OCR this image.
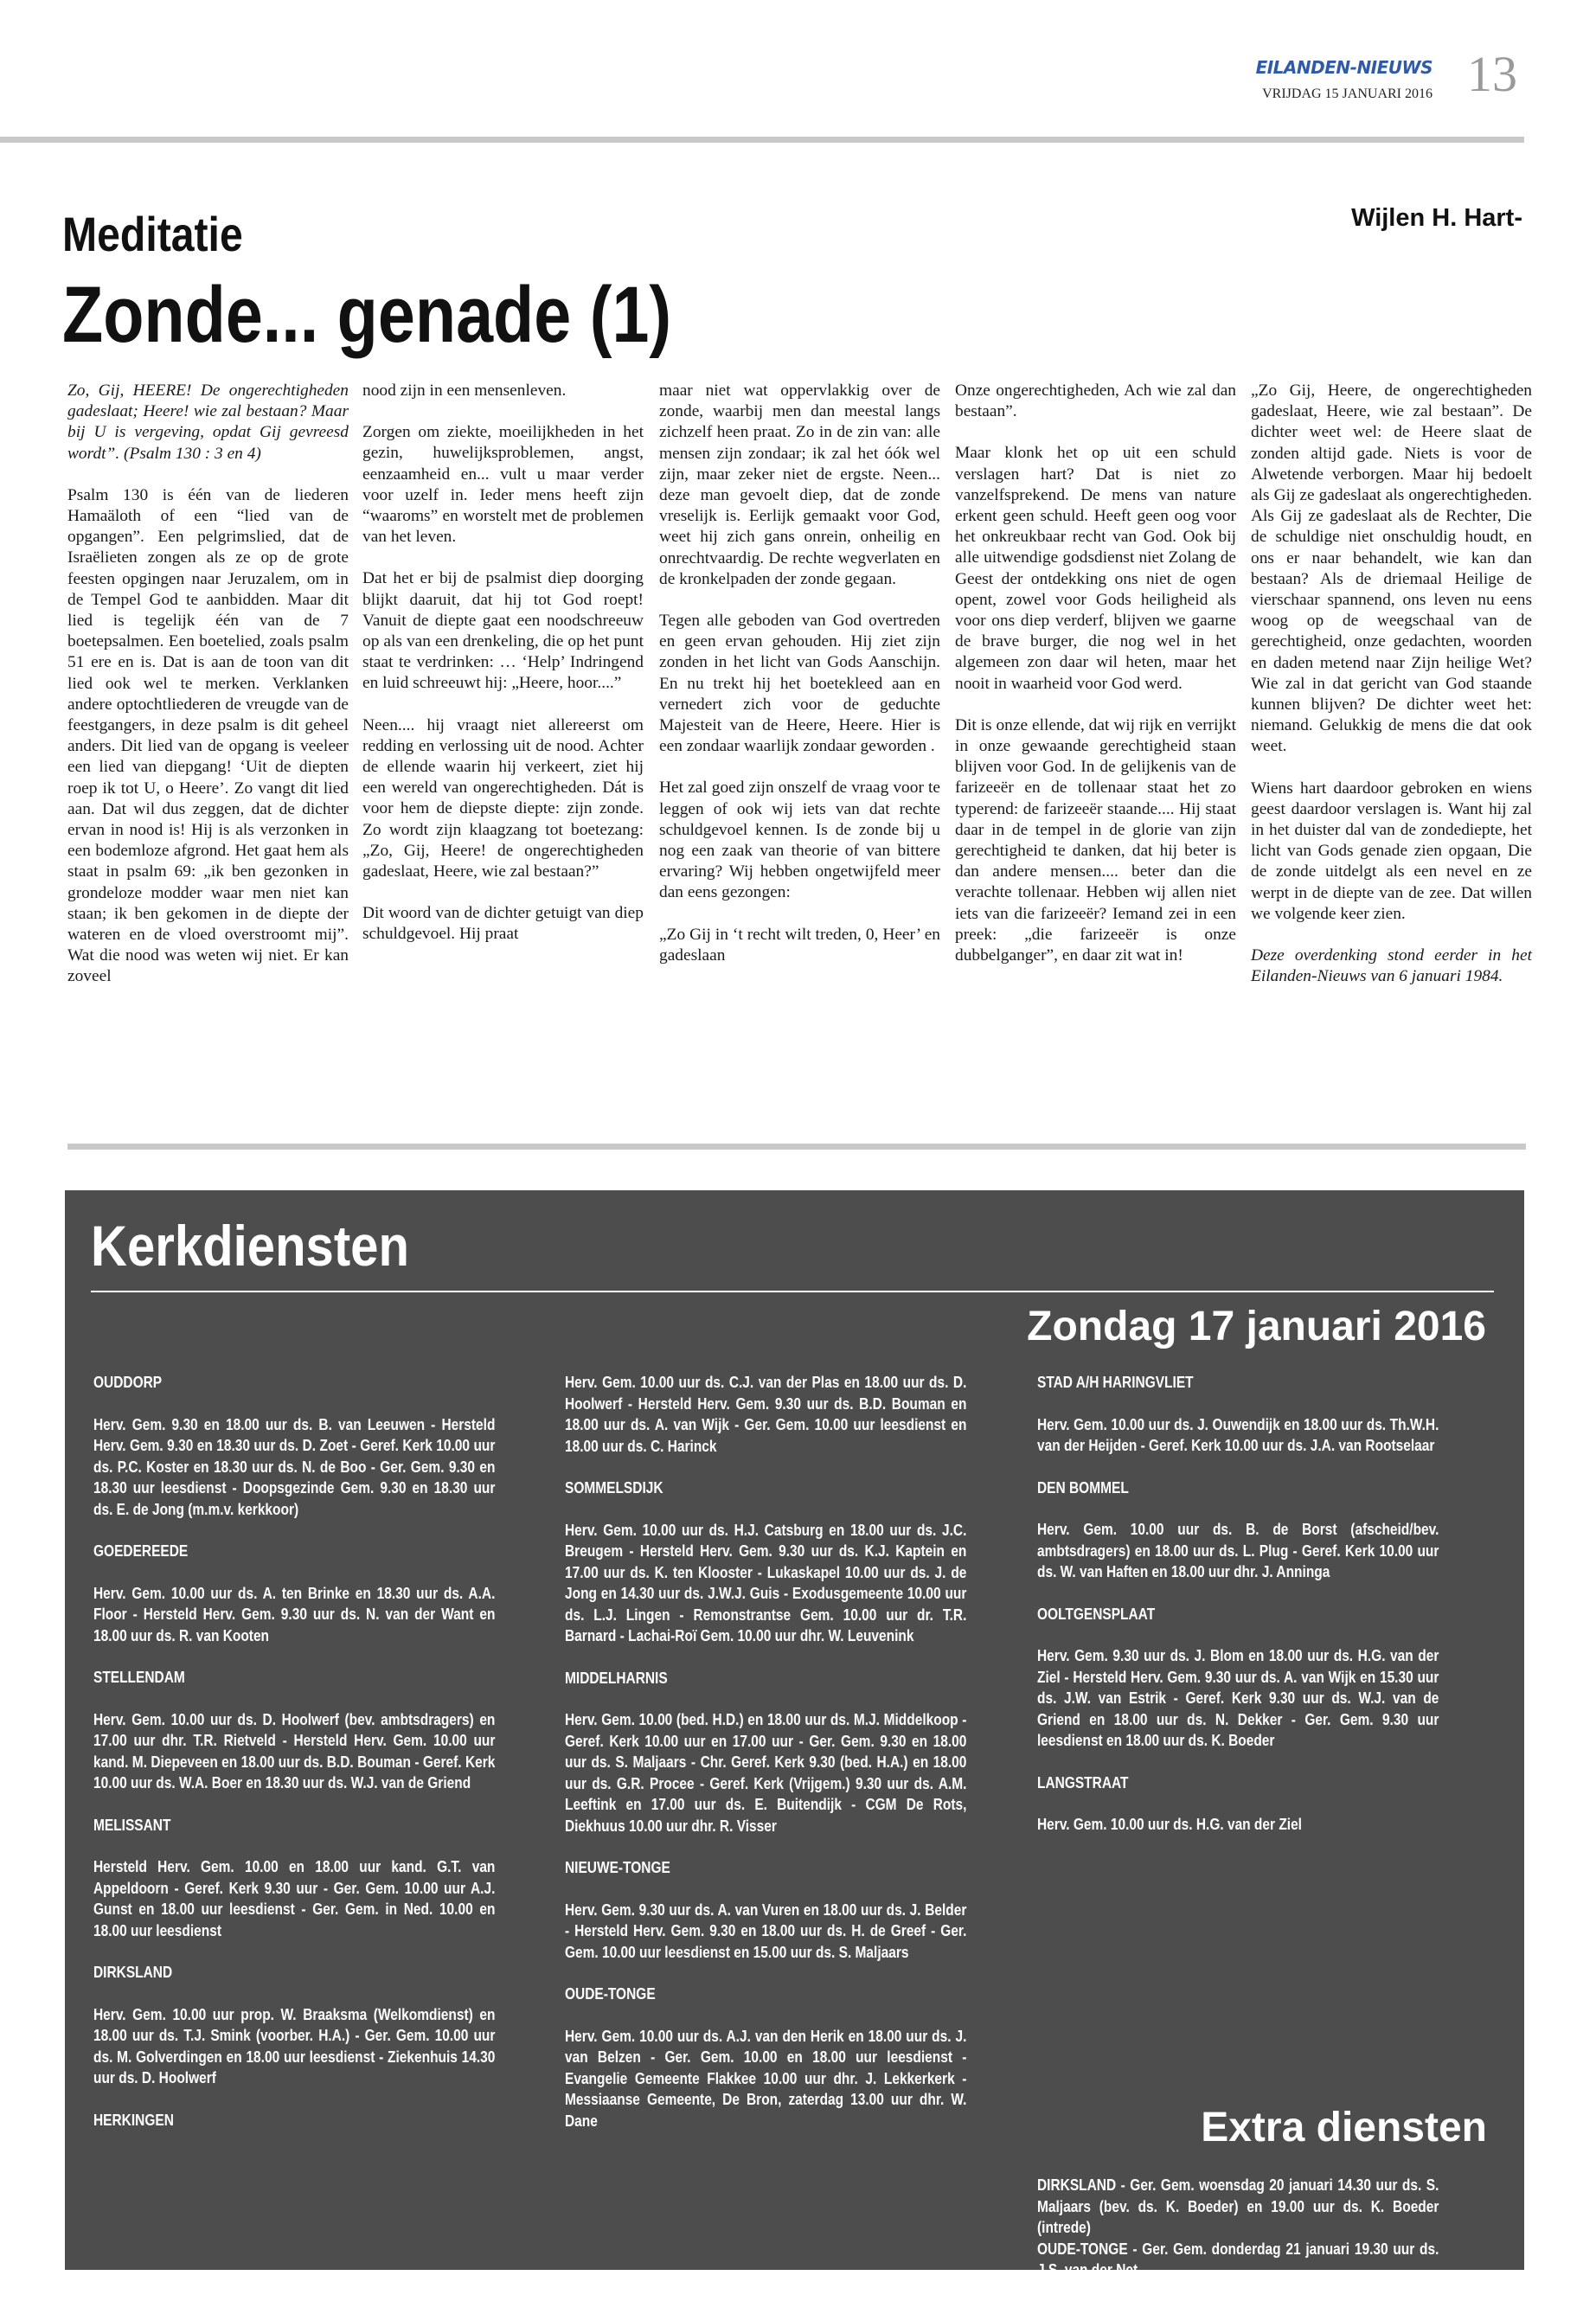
EILANDEN-NIEUWS
VRIJDAG 15 JANUARI 2016 13
Meditatie
Zonde... genade (1)
Wijlen H. Hart-

Zo, Gij, HEERE! De ongerechtigheden gadeslaat; Heere! wie zal bestaan? Maar bij U is vergeving, opdat Gij gevreesd wordt”. (Psalm 130 : 3 en 4)

Psalm 130 is één van de liederen Hamaäloth of een “lied van de opgangen”. Een pelgrimslied, dat de Israëlieten zongen als ze op de grote feesten opgingen naar Jeruzalem, om in de Tempel God te aanbidden. Maar dit lied is tegelijk één van de 7 boetepsalmen. Een boetelied, zoals psalm 51 ere en is. Dat is aan de toon van dit lied ook wel te merken. Verklanken andere optochtliederen de vreugde van de feestgangers, in deze psalm is dit geheel anders. Dit lied van de opgang is veeleer een lied van diepgang! ‘Uit de diepten roep ik tot U, o Heere’. Zo vangt dit lied aan. Dat wil dus zeggen, dat de dichter ervan in nood is! Hij is als verzonken in een bodemloze afgrond. Het gaat hem als staat in psalm 69: „ik ben gezonken in grondeloze modder waar men niet kan staan; ik ben gekomen in de diepte der wateren en de vloed overstroomt mij”. Wat die nood was weten wij niet. Er kan zoveel

nood zijn in een mensenleven.

Zorgen om ziekte, moeilijkheden in het gezin, huwelijksproblemen, angst, eenzaamheid en... vult u maar verder voor uzelf in. Ieder mens heeft zijn “waaroms” en worstelt met de problemen van het leven.

Dat het er bij de psalmist diep doorging blijkt daaruit, dat hij tot God roept! Vanuit de diepte gaat een noodschreeuw op als van een drenkeling, die op het punt staat te verdrinken: … ‘Help’ Indringend en luid schreeuwt hij: „Heere, hoor....”

Neen.... hij vraagt niet allereerst om redding en verlossing uit de nood. Achter de ellende waarin hij verkeert, ziet hij een wereld van ongerechtigheden. Dát is voor hem de diepste diepte: zijn zonde. Zo wordt zijn klaagzang tot boetezang: „Zo, Gij, Heere! de ongerechtigheden gadeslaat, Heere, wie zal bestaan?”

Dit woord van de dichter getuigt van diep schuldgevoel. Hij praat

maar niet wat oppervlakkig over de zonde, waarbij men dan meestal langs zichzelf heen praat. Zo in de zin van: alle mensen zijn zondaar; ik zal het óók wel zijn, maar zeker niet de ergste. Neen... deze man gevoelt diep, dat de zonde vreselijk is. Eerlijk gemaakt voor God, weet hij zich gans onrein, onheilig en onrechtvaardig. De rechte wegverlaten en de kronkelpaden der zonde gegaan.

Tegen alle geboden van God overtreden en geen ervan gehouden. Hij ziet zijn zonden in het licht van Gods Aanschijn. En nu trekt hij het boetekleed aan en vernedert zich voor de geduchte Majesteit van de Heere, Heere. Hier is een zondaar waarlijk zondaar geworden .

Het zal goed zijn onszelf de vraag voor te leggen of ook wij iets van dat rechte schuldgevoel kennen. Is de zonde bij u nog een zaak van theorie of van bittere ervaring? Wij hebben ongetwijfeld meer dan eens gezongen:

„Zo Gij in ‘t recht wilt treden, 0, Heer’ en gadeslaan

Onze ongerechtigheden, Ach wie zal dan bestaan”.

Maar klonk het op uit een schuld verslagen hart? Dat is niet zo vanzelfsprekend. De mens van nature erkent geen schuld. Heeft geen oog voor het onkreukbaar recht van God. Ook bij alle uitwendige godsdienst niet Zolang de Geest der ontdekking ons niet de ogen opent, zowel voor Gods heiligheid als voor ons diep verderf, blijven we gaarne de brave burger, die nog wel in het algemeen zon daar wil heten, maar het nooit in waarheid voor God werd.

Dit is onze ellende, dat wij rijk en verrijkt in onze gewaande gerechtigheid staan blijven voor God. In de gelijkenis van de farizeeër en de tollenaar staat het zo typerend: de farizeeër staande.... Hij staat daar in de tempel in de glorie van zijn gerechtigheid te danken, dat hij beter is dan andere mensen.... beter dan die verachte tollenaar. Hebben wij allen niet iets van die farizeeër? Iemand zei in een preek: „die farizeeër is onze dubbelganger”, en daar zit wat in!

„Zo Gij, Heere, de ongerechtigheden gadeslaat, Heere, wie zal bestaan”. De dichter weet wel: de Heere slaat de zonden altijd gade. Niets is voor de Alwetende verborgen. Maar hij bedoelt als Gij ze gadeslaat als ongerechtigheden. Als Gij ze gadeslaat als de Rechter, Die de schuldige niet onschuldig houdt, en ons er naar behandelt, wie kan dan bestaan? Als de driemaal Heilige de vierschaar spannend, ons leven nu eens woog op de weegschaal van de gerechtigheid, onze gedachten, woorden en daden metend naar Zijn heilige Wet? Wie zal in dat gericht van God staande kunnen blijven? De dichter weet het: niemand. Gelukkig de mens die dat ook weet.

Wiens hart daardoor gebroken en wiens geest daardoor verslagen is. Want hij zal in het duister dal van de zondediepte, het licht van Gods genade zien opgaan, Die de zonde uitdelgt als een nevel en ze werpt in de diepte van de zee. Dat willen we volgende keer zien.

Deze overdenking stond eerder in het Eilanden-Nieuws van 6 januari 1984.

Kerkdiensten
Zondag 17 januari 2016
OUDDORP
Herv. Gem. 9.30 en 18.00 uur ds. B. van Leeuwen - Hersteld Herv. Gem. 9.30 en 18.30 uur ds. D. Zoet - Geref. Kerk 10.00 uur ds. P.C. Koster en 18.30 uur ds. N. de Boo - Ger. Gem. 9.30 en 18.30 uur leesdienst - Doopsgezinde Gem. 9.30 en 18.30 uur ds. E. de Jong (m.m.v. kerkkoor)
GOEDEREEDE
Herv. Gem. 10.00 uur ds. A. ten Brinke en 18.30 uur ds. A.A. Floor - Hersteld Herv. Gem. 9.30 uur ds. N. van der Want en 18.00 uur ds. R. van Kooten
STELLENDAM
Herv. Gem. 10.00 uur ds. D. Hoolwerf (bev. ambtsdragers) en 17.00 uur dhr. T.R. Rietveld - Hersteld Herv. Gem. 10.00 uur kand. M. Diepeveen en 18.00 uur ds. B.D. Bouman - Geref. Kerk 10.00 uur ds. W.A. Boer en 18.30 uur ds. W.J. van de Griend
MELISSANT
Hersteld Herv. Gem. 10.00 en 18.00 uur kand. G.T. van Appeldoorn - Geref. Kerk 9.30 uur - Ger. Gem. 10.00 uur A.J. Gunst en 18.00 uur leesdienst - Ger. Gem. in Ned. 10.00 en 18.00 uur leesdienst
DIRKSLAND
Herv. Gem. 10.00 uur prop. W. Braaksma (Welkomdienst) en 18.00 uur ds. T.J. Smink (voorber. H.A.) - Ger. Gem. 10.00 uur ds. M. Golverdingen en 18.00 uur leesdienst - Ziekenhuis 14.30 uur ds. D. Hoolwerf
HERKINGEN
Herv. Gem. 10.00 uur ds. C.J. van der Plas en 18.00 uur ds. D. Hoolwerf - Hersteld Herv. Gem. 9.30 uur ds. B.D. Bouman en 18.00 uur ds. A. van Wijk - Ger. Gem. 10.00 uur leesdienst en 18.00 uur ds. C. Harinck
SOMMELSDIJK
Herv. Gem. 10.00 uur ds. H.J. Catsburg en 18.00 uur ds. J.C. Breugem - Hersteld Herv. Gem. 9.30 uur ds. K.J. Kaptein en 17.00 uur ds. K. ten Klooster - Lukaskapel 10.00 uur ds. J. de Jong en 14.30 uur ds. J.W.J. Guis - Exodusgemeente 10.00 uur ds. L.J. Lingen - Remonstrantse Gem. 10.00 uur dr. T.R. Barnard - Lachai-Roï Gem. 10.00 uur dhr. W. Leuvenink
MIDDELHARNIS
Herv. Gem. 10.00 (bed. H.D.) en 18.00 uur ds. M.J. Middelkoop - Geref. Kerk 10.00 uur en 17.00 uur - Ger. Gem. 9.30 en 18.00 uur ds. S. Maljaars - Chr. Geref. Kerk 9.30 (bed. H.A.) en 18.00 uur ds. G.R. Procee - Geref. Kerk (Vrijgem.) 9.30 uur ds. A.M. Leeftink en 17.00 uur ds. E. Buitendijk - CGM De Rots, Diekhuus 10.00 uur dhr. R. Visser
NIEUWE-TONGE
Herv. Gem. 9.30 uur ds. A. van Vuren en 18.00 uur ds. J. Belder - Hersteld Herv. Gem. 9.30 en 18.00 uur ds. H. de Greef - Ger. Gem. 10.00 uur leesdienst en 15.00 uur ds. S. Maljaars
OUDE-TONGE
Herv. Gem. 10.00 uur ds. A.J. van den Herik en 18.00 uur ds. J. van Belzen - Ger. Gem. 10.00 en 18.00 uur leesdienst - Evangelie Gemeente Flakkee 10.00 uur dhr. J. Lekkerkerk - Messiaanse Gemeente, De Bron, zaterdag 13.00 uur dhr. W. Dane
STAD A/H HARINGVLIET
Herv. Gem. 10.00 uur ds. J. Ouwendijk en 18.00 uur ds. Th.W.H. van der Heijden - Geref. Kerk 10.00 uur ds. J.A. van Rootselaar
DEN BOMMEL
Herv. Gem. 10.00 uur ds. B. de Borst (afscheid/bev. ambtsdragers) en 18.00 uur ds. L. Plug - Geref. Kerk 10.00 uur ds. W. van Haften en 18.00 uur dhr. J. Anninga
OOLTGENSPLAAT
Herv. Gem. 9.30 uur ds. J. Blom en 18.00 uur ds. H.G. van der Ziel - Hersteld Herv. Gem. 9.30 uur ds. A. van Wijk en 15.30 uur ds. J.W. van Estrik - Geref. Kerk 9.30 uur ds. W.J. van de Griend en 18.00 uur ds. N. Dekker - Ger. Gem. 9.30 uur leesdienst en 18.00 uur ds. K. Boeder
LANGSTRAAT
Herv. Gem. 10.00 uur ds. H.G. van der Ziel
Extra diensten

DIRKSLAND - Ger. Gem. woensdag 20 januari 14.30 uur ds. S. Maljaars (bev. ds. K. Boeder) en 19.00 uur ds. K. Boeder (intrede)

OUDE-TONGE - Ger. Gem. donderdag 21 januari 19.30 uur ds. J.S. van der Net
